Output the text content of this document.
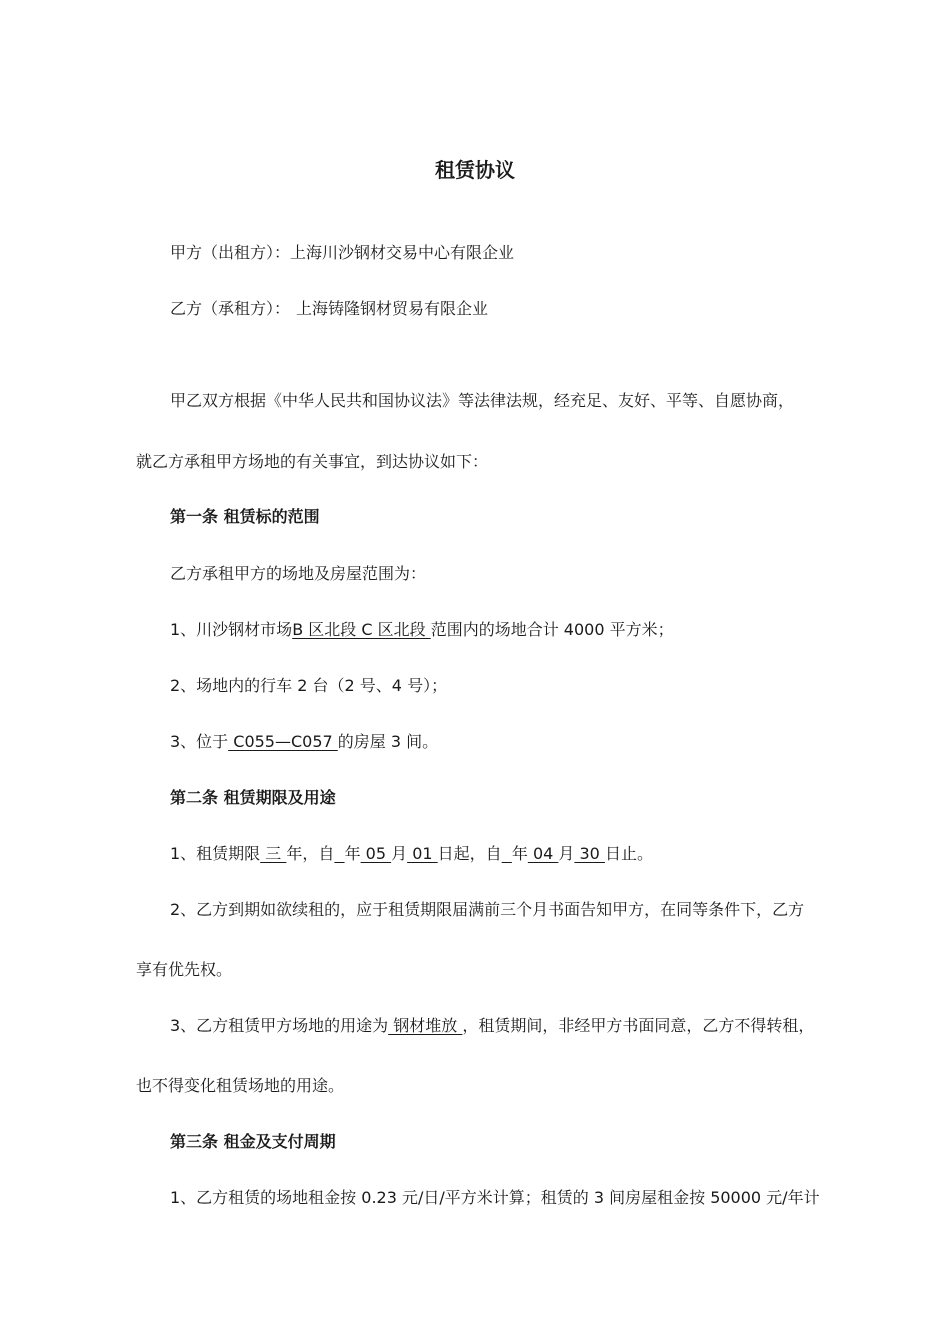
租赁协议
甲方（出租方）：上海川沙钢材交易中心有限企业
乙方（承租方）： 上海铸隆钢材贸易有限企业
甲乙双方根据《中华人民共和国协议法》等法律法规，经充足、友好、平等、自愿协商，
就乙方承租甲方场地的有关事宜，到达协议如下：
第一条 租赁标的范围
乙方承租甲方的场地及房屋范围为：
1、川沙钢材市场B 区北段 C 区北段 范围内的场地合计 4000 平方米；
2、场地内的行车 2 台（2 号、4 号）；
3、位于 C055—C057 的房屋 3 间。
第二条 租赁期限及用途
1、租赁期限 三 年，自 年 05 月 01 日起，自 年 04 月 30 日止。
2、乙方到期如欲续租的，应于租赁期限届满前三个月书面告知甲方，在同等条件下，乙方
享有优先权。
3、乙方租赁甲方场地的用途为 钢材堆放 ，租赁期间，非经甲方书面同意，乙方不得转租，
也不得变化租赁场地的用途。
第三条 租金及支付周期
1、乙方租赁的场地租金按 0.23 元/日/平方米计算；租赁的 3 间房屋租金按 50000 元/年计
